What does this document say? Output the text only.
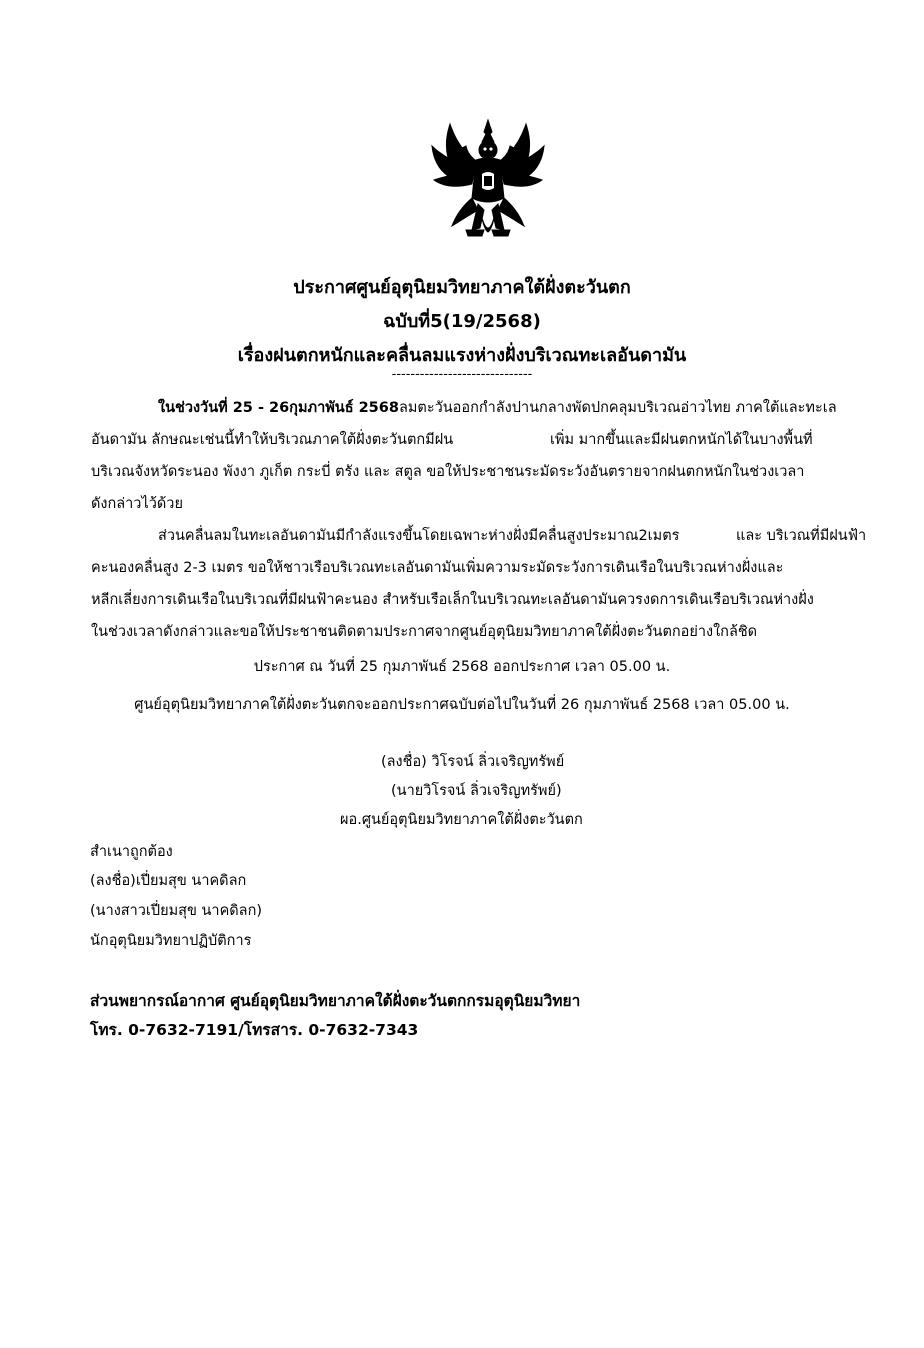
ประกาศศูนย์อุตุนิยมวิทยาภาคใต้ฝั่งตะวันตก
ฉบับที่5(19/2568)
เรื่องฝนตกหนักและคลื่นลมแรงห่างฝั่งบริเวณทะเลอันดามัน
------------------------------
ในช่วงวันที่ 25 - 26กุมภาพันธ์ 2568ลมตะวันออกกำลังปานกลางพัดปกคลุมบริเวณอ่าวไทย ภาคใต้และทะเล
อันดามัน ลักษณะเช่นนี้ทำให้บริเวณภาคใต้ฝั่งตะวันตกมีฝน	เพิ่ม มากขึ้นและมีฝนตกหนักได้ในบางพื้นที่
บริเวณจังหวัดระนอง พังงา ภูเก็ต กระบี่ ตรัง และ สตูล ขอให้ประชาชนระมัดระวังอันตรายจากฝนตกหนักในช่วงเวลา
ดังกล่าวไว้ด้วย
ส่วนคลื่นลมในทะเลอันดามันมีกำลังแรงขึ้นโดยเฉพาะห่างฝั่งมีคลื่นสูงประมาณ2เมตร	และ บริเวณที่มีฝนฟ้า
คะนองคลื่นสูง 2-3 เมตร ขอให้ชาวเรือบริเวณทะเลอันดามันเพิ่มความระมัดระวังการเดินเรือในบริเวณห่างฝั่งและ
หลีกเลี่ยงการเดินเรือในบริเวณที่มีฝนฟ้าคะนอง สำหรับเรือเล็กในบริเวณทะเลอันดามันควรงดการเดินเรือบริเวณห่างฝั่ง
ในช่วงเวลาดังกล่าวและขอให้ประชาชนติดตามประกาศจากศูนย์อุตุนิยมวิทยาภาคใต้ฝั่งตะวันตกอย่างใกล้ชิด
ประกาศ ณ วันที่ 25 กุมภาพันธ์ 2568 ออกประกาศ เวลา 05.00 น.
ศูนย์อุตุนิยมวิทยาภาคใต้ฝั่งตะวันตกจะออกประกาศฉบับต่อไปในวันที่ 26 กุมภาพันธ์ 2568 เวลา 05.00 น.
(ลงชื่อ) วิโรจน์ ลิ่วเจริญทรัพย์
(นายวิโรจน์ ลิ่วเจริญทรัพย์)
ผอ.ศูนย์อุตุนิยมวิทยาภาคใต้ฝั่งตะวันตก
สำเนาถูกต้อง
(ลงชื่อ)เปี่ยมสุข นาคดิลก
(นางสาวเปี่ยมสุข นาคดิลก)
นักอุตุนิยมวิทยาปฏิบัติการ
ส่วนพยากรณ์อากาศ ศูนย์อุตุนิยมวิทยาภาคใต้ฝั่งตะวันตกกรมอุตุนิยมวิทยา
โทร. 0-7632-7191/โทรสาร. 0-7632-7343
